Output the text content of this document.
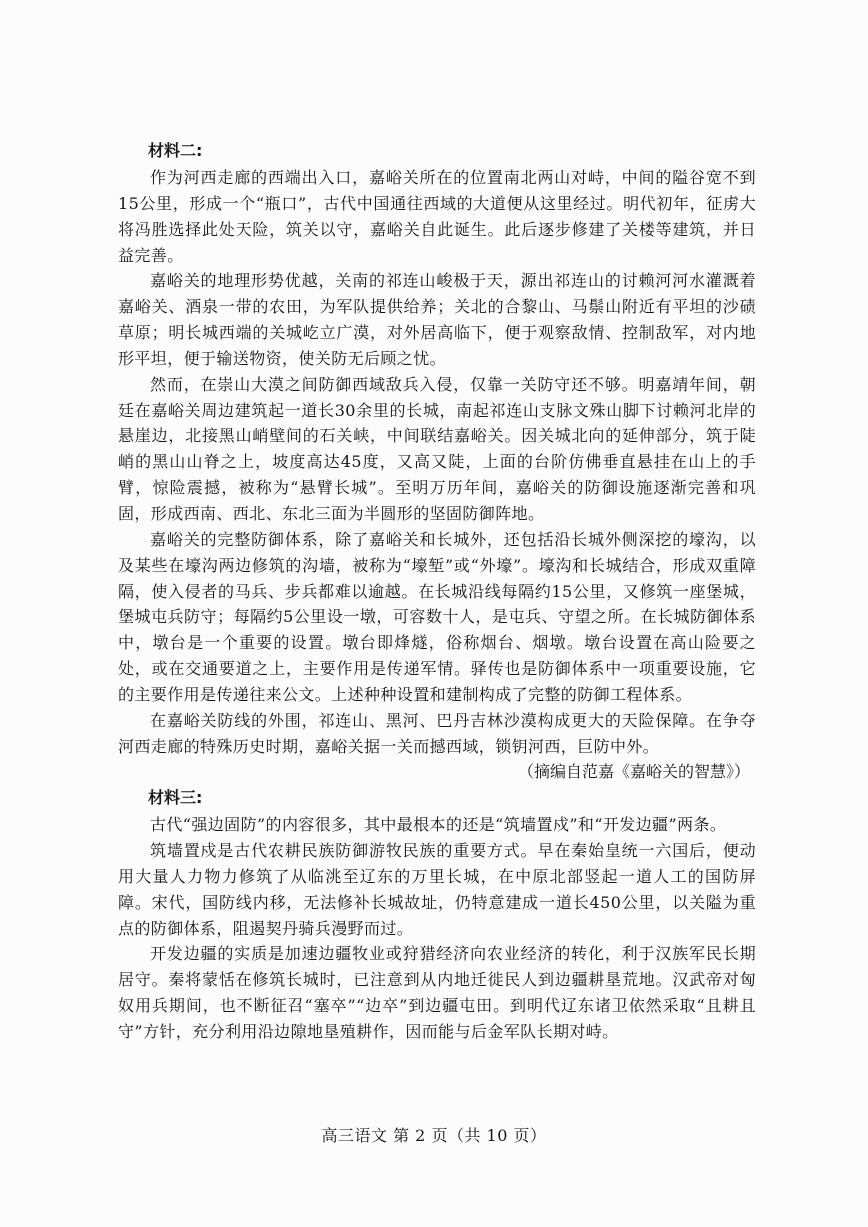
材料二:

作为河西走廊的西端出入口，嘉峪关所在的位置南北两山对峙，中间的隘谷宽不到15公里，形成一个“瓶口”，古代中国通往西域的大道便从这里经过。明代初年，征虏大将冯胜选择此处天险，筑关以守，嘉峪关自此诞生。此后逐步修建了关楼等建筑，并日益完善。

嘉峪关的地理形势优越，关南的祁连山峻极于天，源出祁连山的讨赖河河水灌溉着嘉峪关、酒泉一带的农田，为军队提供给养；关北的合黎山、马鬃山附近有平坦的沙碛草原；明长城西端的关城屹立广漠，对外居高临下，便于观察敌情、控制敌军，对内地形平坦，便于输送物资，使关防无后顾之忧。

然而，在崇山大漠之间防御西域敌兵入侵，仅靠一关防守还不够。明嘉靖年间，朝廷在嘉峪关周边建筑起一道长30余里的长城，南起祁连山支脉文殊山脚下讨赖河北岸的悬崖边，北接黑山峭壁间的石关峡，中间联结嘉峪关。因关城北向的延伸部分，筑于陡峭的黑山山脊之上，坡度高达45度，又高又陡，上面的台阶仿佛垂直悬挂在山上的手臂，惊险震撼，被称为“悬臂长城”。至明万历年间，嘉峪关的防御设施逐渐完善和巩固，形成西南、西北、东北三面为半圆形的坚固防御阵地。

嘉峪关的完整防御体系，除了嘉峪关和长城外，还包括沿长城外侧深挖的壕沟，以及某些在壕沟两边修筑的沟墙，被称为“壕堑”或“外壕”。壕沟和长城结合，形成双重障隔，使入侵者的马兵、步兵都难以逾越。在长城沿线每隔约15公里，又修筑一座堡城，堡城屯兵防守；每隔约5公里设一墩，可容数十人，是屯兵、守望之所。在长城防御体系中，墩台是一个重要的设置。墩台即烽燧，俗称烟台、烟墩。墩台设置在高山险要之处，或在交通要道之上，主要作用是传递军情。驿传也是防御体系中一项重要设施，它的主要作用是传递往来公文。上述种种设置和建制构成了完整的防御工程体系。

在嘉峪关防线的外围，祁连山、黑河、巴丹吉林沙漠构成更大的天险保障。在争夺河西走廊的特殊历史时期，嘉峪关据一关而撼西域，锁钥河西，巨防中外。

（摘编自范嘉《嘉峪关的智慧》）

材料三:

古代“强边固防”的内容很多，其中最根本的还是“筑墙置戍”和“开发边疆”两条。

筑墙置戍是古代农耕民族防御游牧民族的重要方式。早在秦始皇统一六国后，便动用大量人力物力修筑了从临洮至辽东的万里长城，在中原北部竖起一道人工的国防屏障。宋代，国防线内移，无法修补长城故址，仍特意建成一道长450公里，以关隘为重点的防御体系，阻遏契丹骑兵漫野而过。

开发边疆的实质是加速边疆牧业或狩猎经济向农业经济的转化，利于汉族军民长期居守。秦将蒙恬在修筑长城时，已注意到从内地迁徙民人到边疆耕垦荒地。汉武帝对匈奴用兵期间，也不断征召“塞卒”“边卒”到边疆屯田。到明代辽东诸卫依然采取“且耕且守”方针，充分利用沿边隙地垦殖耕作，因而能与后金军队长期对峙。

高三语文 第 2 页（共 10 页）
